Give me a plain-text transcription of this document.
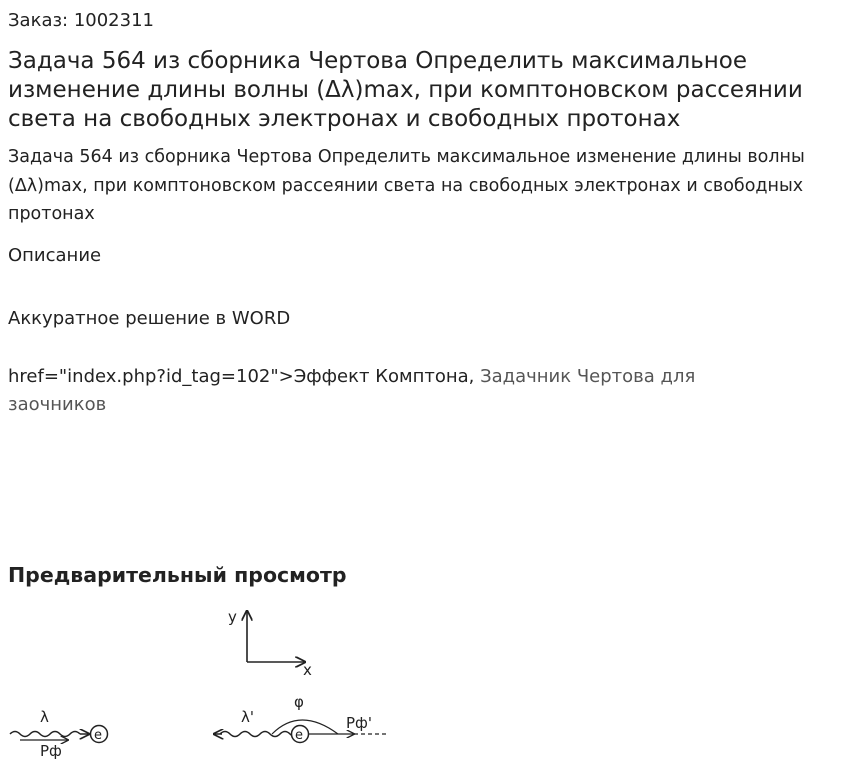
Заказ: 1002311
Задача 564 из сборника Чертова Определить максимальное изменение длины волны (Δλ)max, при комптоновском рассеянии света на свободных электронах и свободных протонах

Задача 564 из сборника Чертова Определить максимальное изменение длины волны (Δλ)max, при комптоновском рассеянии света на свободных электронах и свободных протонах

Описание

Аккуратное решение в WORD

href="index.php?id_tag=102">Эффект Комптона, Задачник Чертова для заочников

Предварительный просмотр
y
x
λ
Pф
e
λ'
φ
Pф'
e
